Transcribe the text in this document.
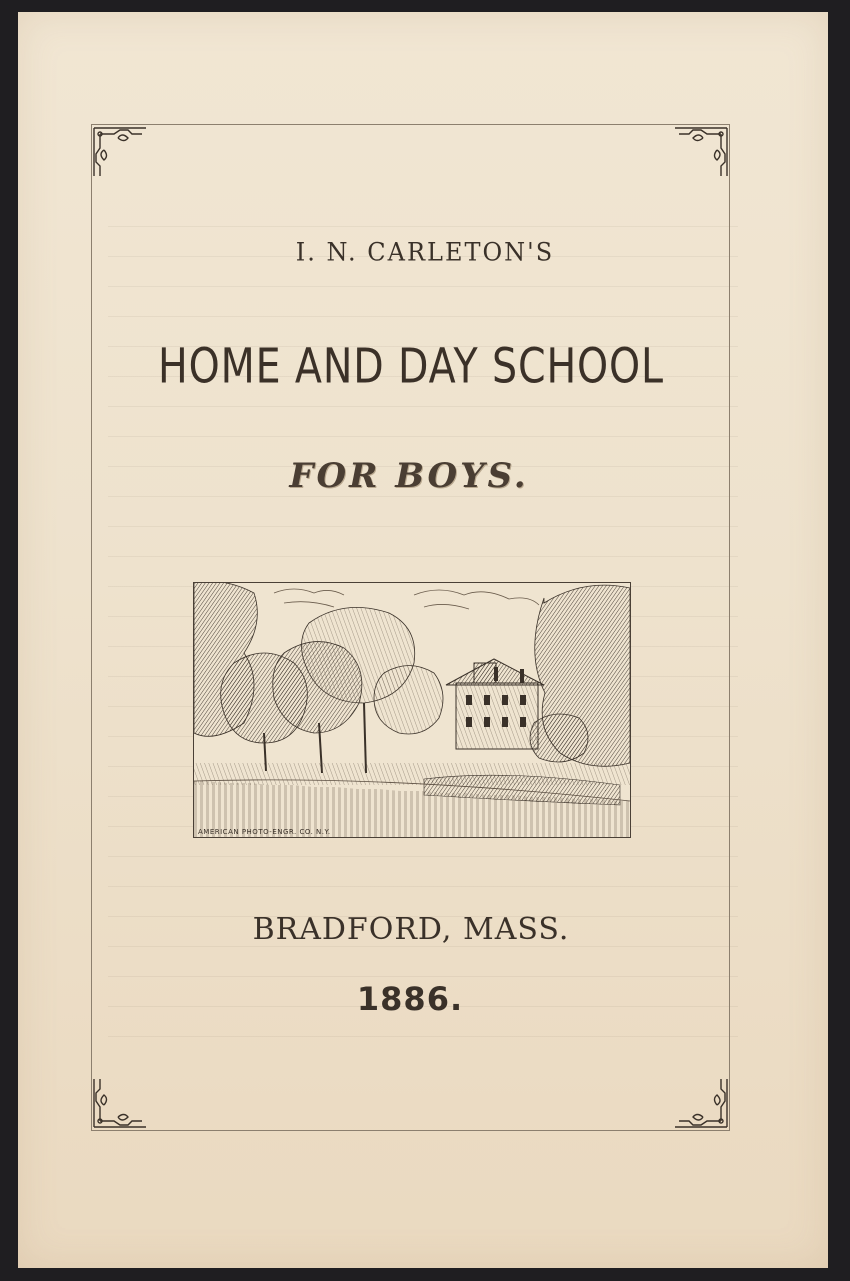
I. N. CARLETON'S
HOME AND DAY SCHOOL
FOR BOYS.
AMERICAN PHOTO-ENGR. CO. N.Y.
BRADFORD, MASS.
1886.
